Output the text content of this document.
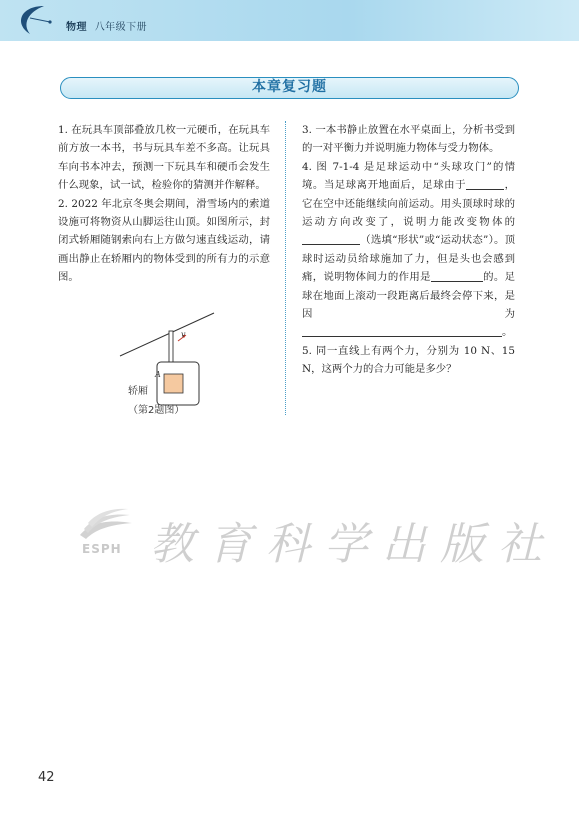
物理 八年级下册
本章复习题

1. 在玩具车顶部叠放几枚一元硬币，在玩具车前方放一本书，书与玩具车差不多高。让玩具车向书本冲去，预测一下玩具车和硬币会发生什么现象，试一试，检验你的猜测并作解释。

2. 2022 年北京冬奥会期间，滑雪场内的索道设施可将物资从山脚运往山顶。如图所示，封闭式轿厢随钢索向右上方做匀速直线运动，请画出静止在轿厢内的物体受到的所有力的示意图。

v
A
轿厢
（第2题图）

3. 一本书静止放置在水平桌面上，分析书受到的一对平衡力并说明施力物体与受力物体。

4. 图 7-1-4 是足球运动中“头球攻门”的情境。当足球离开地面后，足球由于	，它在空中还能继续向前运动。用头顶球时球的运动方向改变了，说明力能改变物体的（选填“形状”或“运动状态”）。顶球时运动员给球施加了力，但是头也会感到痛，说明物体间力的作用是	的。足球在地面上滚动一段距离后最终会停下来，是因为。

5. 同一直线上有两个力，分别为 10 N、15 N，这两个力的合力可能是多少？

ESPH 教育科学出版社
42
